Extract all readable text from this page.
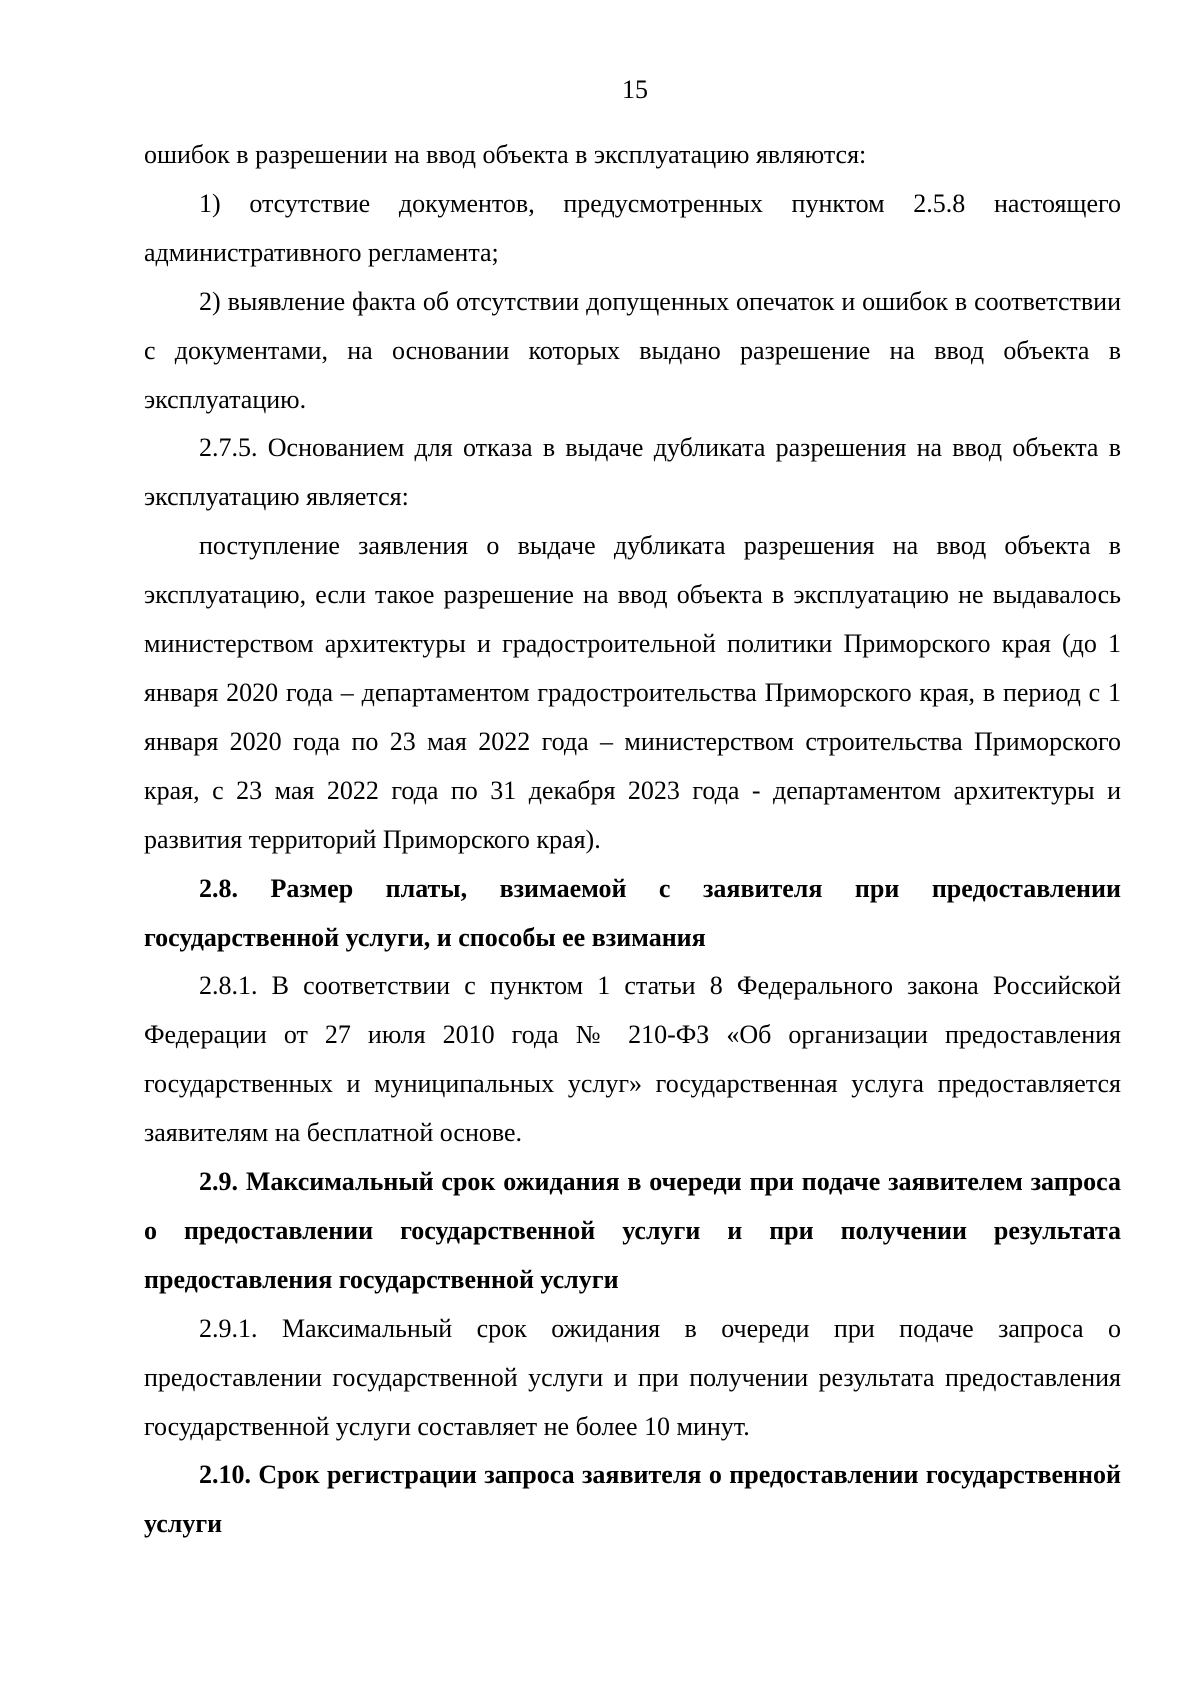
15

ошибок в разрешении на ввод объекта в эксплуатацию являются:

1) отсутствие документов, предусмотренных пунктом 2.5.8 настоящего административного регламента;

2) выявление факта об отсутствии допущенных опечаток и ошибок в соответствии с документами, на основании которых выдано разрешение на ввод объекта в эксплуатацию.

2.7.5. Основанием для отказа в выдаче дубликата разрешения на ввод объекта в эксплуатацию является:

поступление заявления о выдаче дубликата разрешения на ввод объекта в эксплуатацию, если такое разрешение на ввод объекта в эксплуатацию не выдавалось министерством архитектуры и градостроительной политики Приморского края (до 1 января 2020 года – департаментом градостроительства Приморского края, в период с 1 января 2020 года по 23 мая 2022 года – министерством строительства Приморского края, с 23 мая 2022 года по 31 декабря 2023 года - департаментом архитектуры и развития территорий Приморского края).

2.8. Размер платы, взимаемой с заявителя при предоставлении государственной услуги, и способы ее взимания

2.8.1. В соответствии с пунктом 1 статьи 8 Федерального закона Российской Федерации от 27 июля 2010 года № 210-ФЗ «Об организации предоставления государственных и муниципальных услуг» государственная услуга предоставляется заявителям на бесплатной основе.

2.9. Максимальный срок ожидания в очереди при подаче заявителем запроса о предоставлении государственной услуги и при получении результата предоставления государственной услуги

2.9.1. Максимальный срок ожидания в очереди при подаче запроса о предоставлении государственной услуги и при получении результата предоставления государственной услуги составляет не более 10 минут.

2.10. Срок регистрации запроса заявителя о предоставлении государственной услуги
